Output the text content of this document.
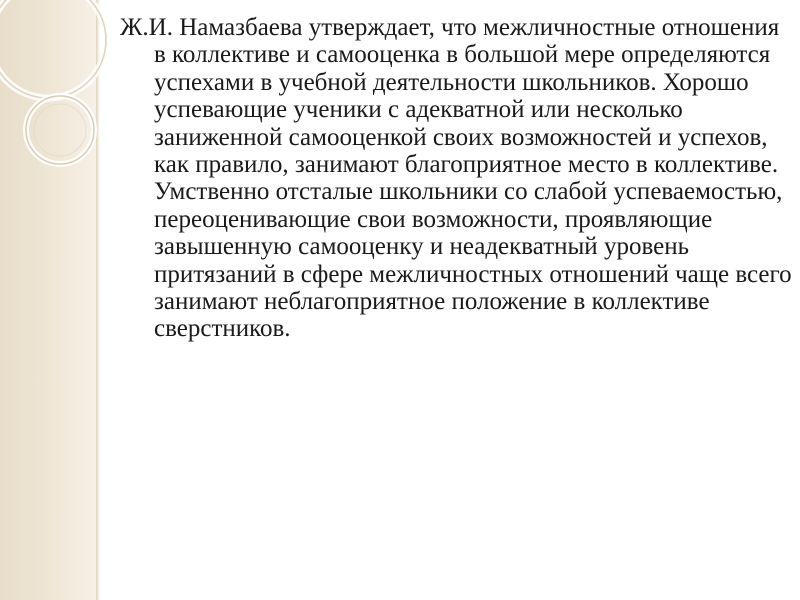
Ж.И. Намазбаева утверждает, что межличностные отношения в коллективе и самооценка в большой мере определяются успехами в учебной деятельности школьников. Хорошо успевающие ученики с адекватной или несколько заниженной самооценкой своих возможностей и успехов, как правило, занимают благоприятное место в коллективе. Умственно отсталые школьники со слабой успеваемостью, переоценивающие свои возможности, проявляющие завышенную самооценку и неадекватный уровень притязаний в сфере межличностных отношений чаще всего занимают неблагоприятное положение в коллективе сверстников.
